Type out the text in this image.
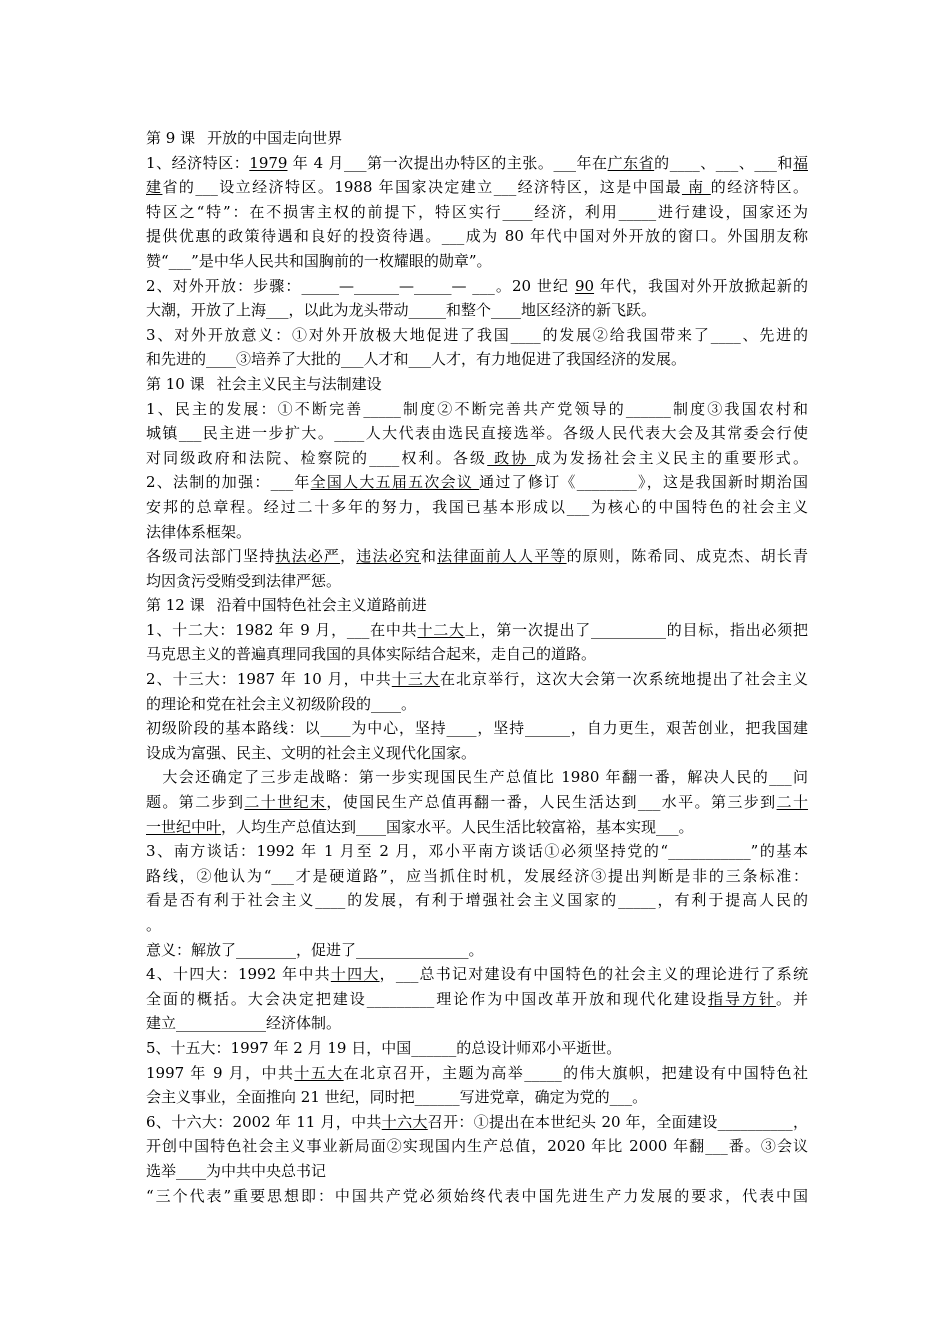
第 9 课 开放的中国走向世界
1、经济特区：1979 年 4 月___第一次提出办特区的主张。___年在广东省的____、___、___和福
建省的___设立经济特区。1988 年国家决定建立___经济特区，这是中国最 南 的经济特区。
特区之“特”：在不损害主权的前提下，特区实行____经济，利用_____进行建设，国家还为
提供优惠的政策待遇和良好的投资待遇。___成为 80 年代中国对外开放的窗口。外国朋友称
赞“___”是中华人民共和国胸前的一枚耀眼的勋章”。
2、对外开放：步骤：_____—______—_____— ___。20 世纪 90 年代，我国对外开放掀起新的
大潮，开放了上海___，以此为龙头带动_____和整个____地区经济的新飞跃。
3、对外开放意义：①对外开放极大地促进了我国____的发展②给我国带来了____、先进的
和先进的____③培养了大批的___人才和___人才，有力地促进了我国经济的发展。
第 10 课 社会主义民主与法制建设
1、民主的发展：①不断完善_____制度②不断完善共产党领导的______制度③我国农村和
城镇___民主进一步扩大。____人大代表由选民直接选举。各级人民代表大会及其常委会行使
对同级政府和法院、检察院的____权利。各级 政协 成为发扬社会主义民主的重要形式。
2、法制的加强：___年全国人大五届五次会议 通过了修订《________》，这是我国新时期治国
安邦的总章程。经过二十多年的努力，我国已基本形成以___为核心的中国特色的社会主义
法律体系框架。
各级司法部门坚持执法必严，违法必究和法律面前人人平等的原则，陈希同、成克杰、胡长青
均因贪污受贿受到法律严惩。
第 12 课 沿着中国特色社会主义道路前进
1、十二大：1982 年 9 月，___在中共十二大上，第一次提出了__________的目标，指出必须把
马克思主义的普遍真理同我国的具体实际结合起来，走自己的道路。
2、十三大：1987 年 10 月，中共十三大在北京举行，这次大会第一次系统地提出了社会主义
的理论和党在社会主义初级阶段的____。
初级阶段的基本路线：以____为中心，坚持____，坚持______，自力更生，艰苦创业，把我国建
设成为富强、民主、文明的社会主义现代化国家。
　大会还确定了三步走战略：第一步实现国民生产总值比 1980 年翻一番，解决人民的___问
题。第二步到二十世纪末，使国民生产总值再翻一番，人民生活达到___水平。第三步到二十
一世纪中叶，人均生产总值达到____国家水平。人民生活比较富裕，基本实现___。
3、南方谈话：1992 年 1 月至 2 月，邓小平南方谈话①必须坚持党的“___________”的基本
路线，②他认为“___才是硬道路”，应当抓住时机，发展经济③提出判断是非的三条标准：
看是否有利于社会主义____的发展，有利于增强社会主义国家的_____，有利于提高人民的
。
意义：解放了________，促进了_______________。
4、十四大：1992 年中共十四大，___总书记对建设有中国特色的社会主义的理论进行了系统
全面的概括。大会决定把建设_________理论作为中国改革开放和现代化建设指导方针。并
建立____________经济体制。
5、十五大：1997 年 2 月 19 日，中国______的总设计师邓小平逝世。
1997 年 9 月，中共十五大在北京召开，主题为高举_____的伟大旗帜，把建设有中国特色社
会主义事业，全面推向 21 世纪，同时把______写进党章，确定为党的___。
6、十六大：2002 年 11 月，中共十六大召开：①提出在本世纪头 20 年，全面建设__________，
开创中国特色社会主义事业新局面②实现国内生产总值，2020 年比 2000 年翻___番。③会议
选举____为中共中央总书记
“三个代表”重要思想即：中国共产党必须始终代表中国先进生产力发展的要求，代表中国
